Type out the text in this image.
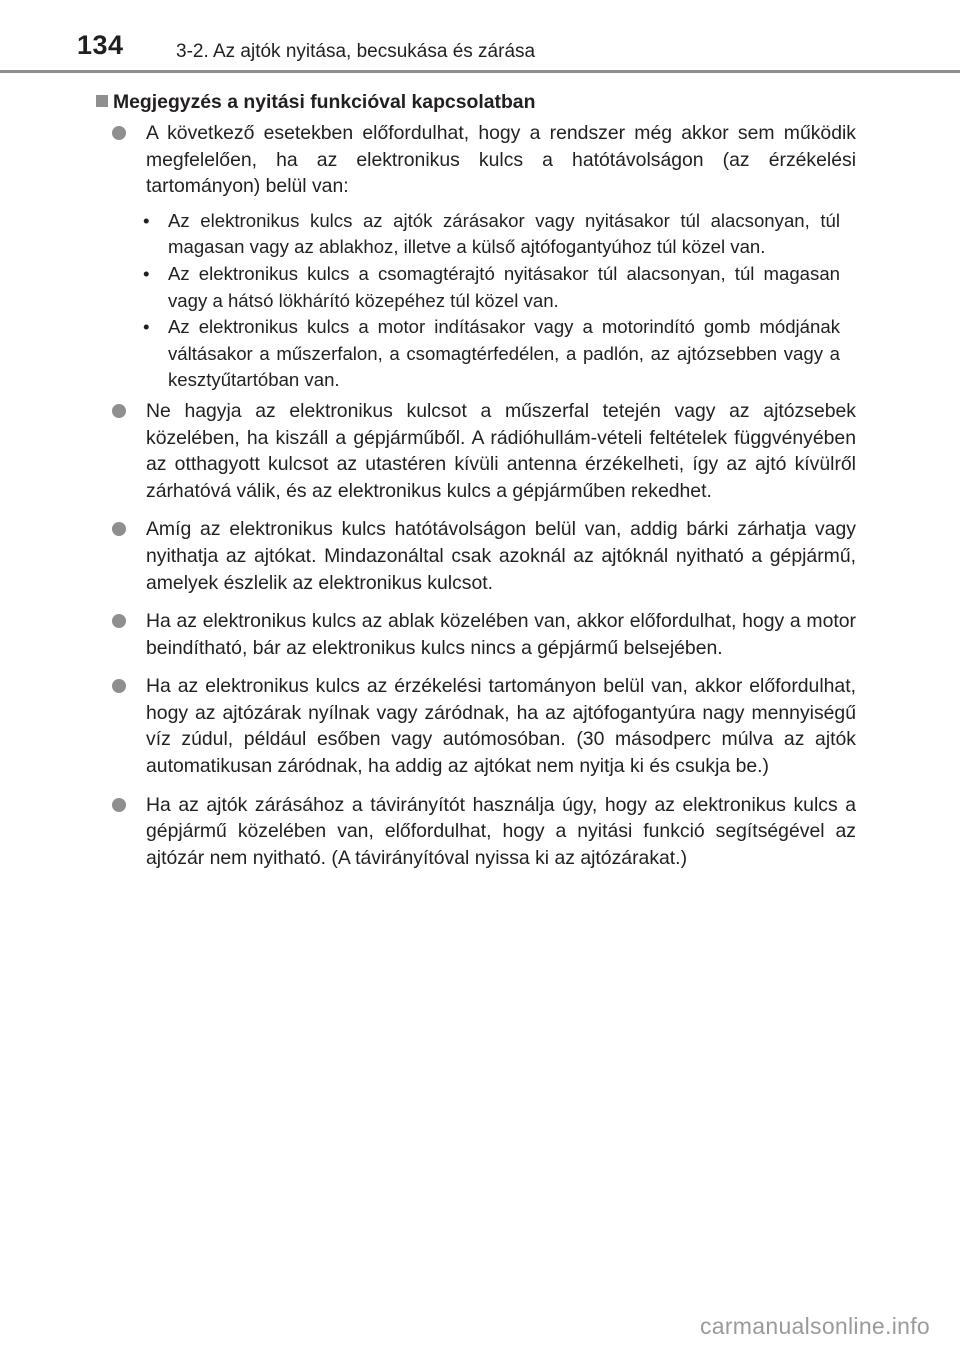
134	3-2. Az ajtók nyitása, becsukása és zárása
Megjegyzés a nyitási funkcióval kapcsolatban
A következő esetekben előfordulhat, hogy a rendszer még akkor sem működik megfelelően, ha az elektronikus kulcs a hatótávolságon (az érzékelési tartományon) belül van:
• Az elektronikus kulcs az ajtók zárásakor vagy nyitásakor túl alacsonyan, túl magasan vagy az ablakhoz, illetve a külső ajtófogantyúhoz túl közel van.
• Az elektronikus kulcs a csomagtérajtó nyitásakor túl alacsonyan, túl magasan vagy a hátsó lökhárító közepéhez túl közel van.
• Az elektronikus kulcs a motor indításakor vagy a motorindító gomb módjának váltásakor a műszerfalon, a csomagtérfedélen, a padlón, az ajtózsebben vagy a kesztyűtartóban van.
Ne hagyja az elektronikus kulcsot a műszerfal tetején vagy az ajtózsebek közelében, ha kiszáll a gépjárműből. A rádióhullám-vételi feltételek függvényében az otthagyott kulcsot az utastéren kívüli antenna érzékelheti, így az ajtó kívülről zárhatóvá válik, és az elektronikus kulcs a gépjárműben rekedhet.
Amíg az elektronikus kulcs hatótávolságon belül van, addig bárki zárhatja vagy nyithatja az ajtókat. Mindazonáltal csak azoknál az ajtóknál nyitható a gépjármű, amelyek észlelik az elektronikus kulcsot.
Ha az elektronikus kulcs az ablak közelében van, akkor előfordulhat, hogy a motor beindítható, bár az elektronikus kulcs nincs a gépjármű belsejében.
Ha az elektronikus kulcs az érzékelési tartományon belül van, akkor előfordulhat, hogy az ajtózárak nyílnak vagy záródnak, ha az ajtófogantyúra nagy mennyiségű víz zúdul, például esőben vagy autómosóban. (30 másodperc múlva az ajtók automatikusan záródnak, ha addig az ajtókat nem nyitja ki és csukja be.)
Ha az ajtók zárásához a távirányítót használja úgy, hogy az elektronikus kulcs a gépjármű közelében van, előfordulhat, hogy a nyitási funkció segítségével az ajtózár nem nyitható. (A távirányítóval nyissa ki az ajtózárakat.)
carmanualsonline.info
